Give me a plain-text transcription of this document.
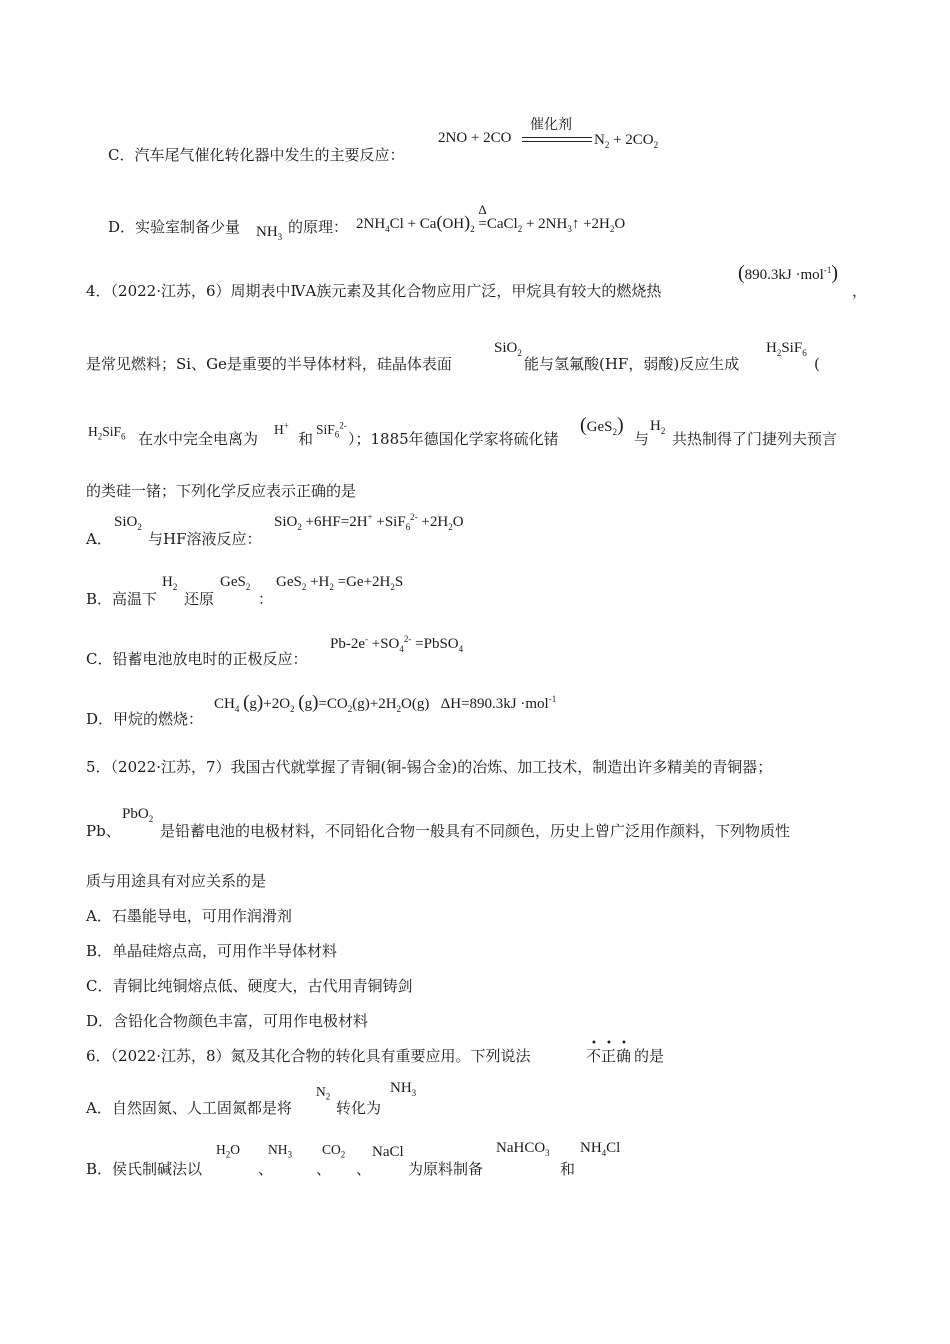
C．汽车尾气催化转化器中发生的主要反应：
2NO + 2CO
催化剂
$N_2 + 2CO_2$
D．实验室制备少量 $NH_3$
的原理： $2NH_4Cl + Ca(OH)_2$
Δ
=CaCl$_2$ + $2NH_3↑ +2H_2O$
4．（2022·江苏，6）周期表中ⅣA族元素及其化合物应用广泛，甲烷具有较大的燃烧热
(890.3kJ ·mol$^{-1}$)
，
是常见燃料；Si、Ge是重要的半导体材料，硅晶体表面
SiO$_2$
能与氢氟酸(HF，弱酸)反应生成
$H_2SiF_6$
(
$H_2SiF_6$ 在水中完全电离为
H+
和
SiF$_6^{2-}$
）；1885年德国化学家将硫化锗
(GeS$_2$)
与
$H_2$ 共热制得了门捷列夫预言
的类硅一锗；下列化学反应表示正确的是
A．
SiO$_2$
与HF溶液反应：
$SiO_2 +6HF=2H^+ +SiF_6^{2-} +2H_2O$
B．高温下
$H_2$
还原
GeS$_2$
：
$GeS_2 +H_2 =Ge+2H_2S$
C．铅蓄电池放电时的正极反应：
$Pb-2e^- +SO_4^{2-}$ =PbSO$_4$
D．甲烷的燃烧：
$CH_4$ $(g)+2O_2$ $(g)=CO_2(g)+2H_2O(g)$   ΔH=890.3kJ ·mol$^{-1}$
5．（2022·江苏，7）我国古代就掌握了青铜(铜-锡合金)的冶炼、加工技术，制造出许多精美的青铜器；
Pb、
PbO$_2$
是铅蓄电池的电极材料，不同铅化合物一般具有不同颜色，历史上曾广泛用作颜料，下列物质性
质与用途具有对应关系的是
A．石墨能导电，可用作润滑剂
B．单晶硅熔点高，可用作半导体材料
C．青铜比纯铜熔点低、硬度大，古代用青铜铸剑
D．含铅化合物颜色丰富，可用作电极材料
6．（2022·江苏，8）氮及其化合物的转化具有重要应用。下列说法
• • •
不正确 的是
A．自然固氮、人工固氮都是将
$N_2$
转化为
$NH_3$
B．侯氏制碱法以
$H_2O$
、
$NH_3$
、
$CO_2$
、
NaCl
为原料制备
NaHCO$_3$
和
$NH_4Cl$
